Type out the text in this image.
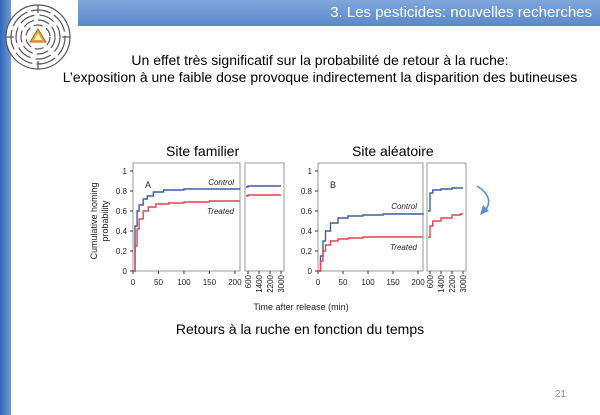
3. Les pesticides: nouvelles recherches
Un effet très significatif sur la probabilité de retour à la ruche:
L’exposition à une faible dose provoque indirectement la disparition des butineuses
Site familier	Site aléatoire
0
0.2
0.4
0.6
0.8
1
0 50 100 150 200 600 1400 2200 3000
A	Control
Treated
0
0.2
0.4
0.6
0.8
1
0 50 100 150 200 600 1400 2200 3000
B
Control
Treated
Cumulative homing probability
Time after release (min)
Retours à la ruche en fonction du temps
21
